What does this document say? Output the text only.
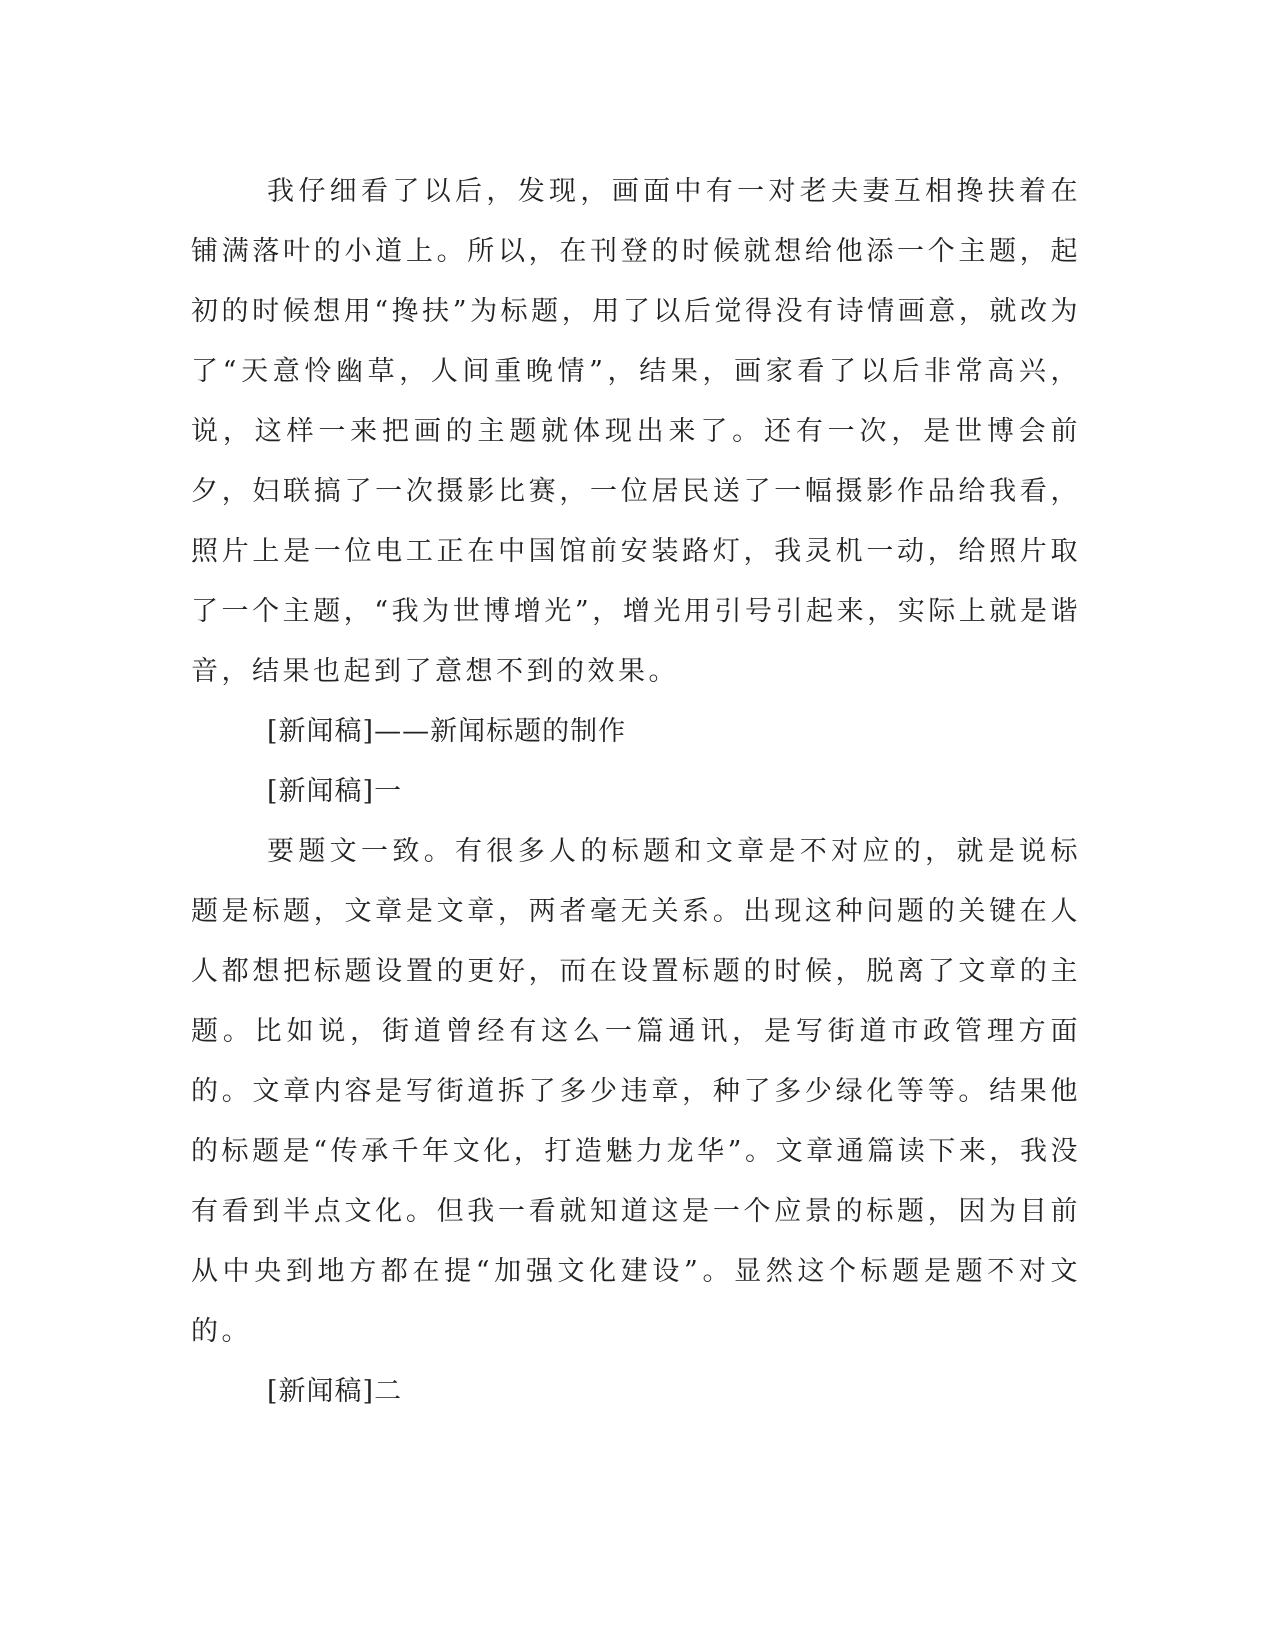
我仔细看了以后，发现，画面中有一对老夫妻互相搀扶着在铺满落叶的小道上。所以，在刊登的时候就想给他添一个主题，起初的时候想用“搀扶”为标题，用了以后觉得没有诗情画意，就改为了“天意怜幽草，人间重晚情”，结果，画家看了以后非常高兴，说，这样一来把画的主题就体现出来了。还有一次，是世博会前夕，妇联搞了一次摄影比赛，一位居民送了一幅摄影作品给我看，照片上是一位电工正在中国馆前安装路灯，我灵机一动，给照片取了一个主题，“我为世博增光”，增光用引号引起来，实际上就是谐音，结果也起到了意想不到的效果。

[新闻稿]——新闻标题的制作

[新闻稿]一

要题文一致。有很多人的标题和文章是不对应的，就是说标题是标题，文章是文章，两者毫无关系。出现这种问题的关键在人人都想把标题设置的更好，而在设置标题的时候，脱离了文章的主题。比如说，街道曾经有这么一篇通讯，是写街道市政管理方面的。文章内容是写街道拆了多少违章，种了多少绿化等等。结果他的标题是“传承千年文化，打造魅力龙华”。文章通篇读下来，我没有看到半点文化。但我一看就知道这是一个应景的标题，因为目前从中央到地方都在提“加强文化建设”。显然这个标题是题不对文的。

[新闻稿]二
